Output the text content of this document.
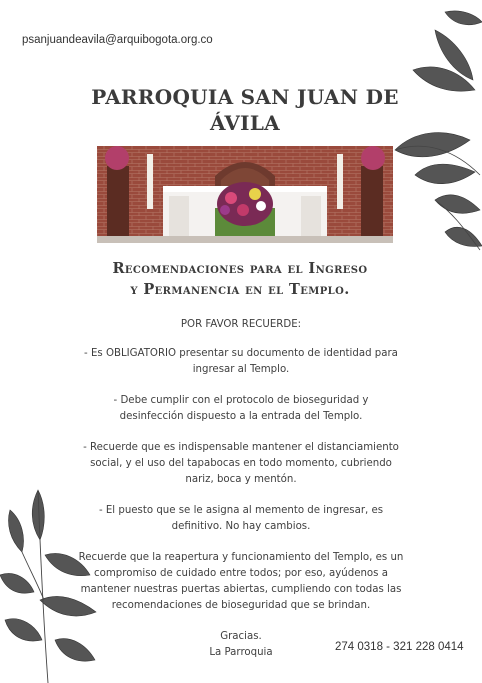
psanjuandeavila@arquibogota.org.co
PARROQUIA SAN JUAN DE
ÁVILA
Recomendaciones para el Ingreso
y Permanencia en el Templo.
POR FAVOR RECUERDE:
- Es OBLIGATORIO presentar su documento de identidad para ingresar al Templo.
- Debe cumplir con el protocolo de bioseguridad y desinfección dispuesto a la entrada del Templo.
- Recuerde que es indispensable mantener el distanciamiento social, y el uso del tapabocas en todo momento, cubriendo nariz, boca y mentón.
- El puesto que se le asigna al memento de ingresar, es definitivo. No hay cambios.
Recuerde que la reapertura y funcionamiento del Templo, es un compromiso de cuidado entre todos; por eso, ayúdenos a mantener nuestras puertas abiertas, cumpliendo con todas las recomendaciones de bioseguridad que se brindan.
Gracias.
La Parroquia	274 0318 - 321 228 0414
